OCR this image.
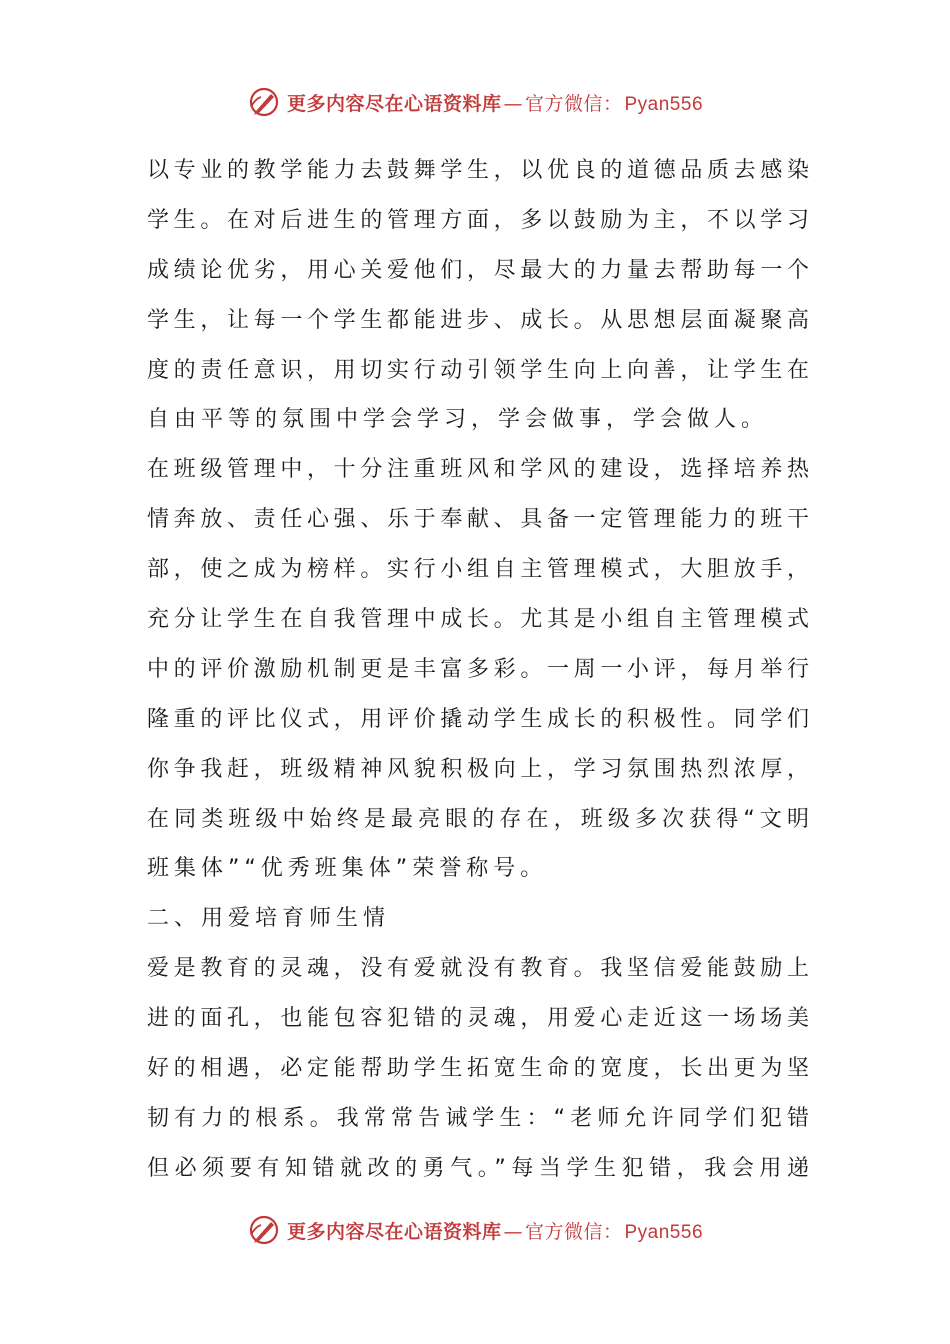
更多内容尽在心语资料库 — 官方微信： Pyan556
以专业的教学能力去鼓舞学生，以优良的道德品质去感染
学生。在对后进生的管理方面，多以鼓励为主，不以学习
成绩论优劣，用心关爱他们，尽最大的力量去帮助每一个
学生，让每一个学生都能进步、成长。从思想层面凝聚高
度的责任意识，用切实行动引领学生向上向善，让学生在
自由平等的氛围中学会学习，学会做事，学会做人。
在班级管理中，十分注重班风和学风的建设，选择培养热
情奔放、责任心强、乐于奉献、具备一定管理能力的班干
部，使之成为榜样。实行小组自主管理模式，大胆放手，
充分让学生在自我管理中成长。尤其是小组自主管理模式
中的评价激励机制更是丰富多彩。一周一小评，每月举行
隆重的评比仪式，用评价撬动学生成长的积极性。同学们
你争我赶，班级精神风貌积极向上，学习氛围热烈浓厚，
在同类班级中始终是最亮眼的存在，班级多次获得“文明
班集体”“优秀班集体”荣誉称号。
二、用爱培育师生情
爱是教育的灵魂，没有爱就没有教育。我坚信爱能鼓励上
进的面孔，也能包容犯错的灵魂，用爱心走近这一场场美
好的相遇，必定能帮助学生拓宽生命的宽度，长出更为坚
韧有力的根系。我常常告诫学生：“老师允许同学们犯错
但必须要有知错就改的勇气。”每当学生犯错，我会用递
更多内容尽在心语资料库 — 官方微信： Pyan556
